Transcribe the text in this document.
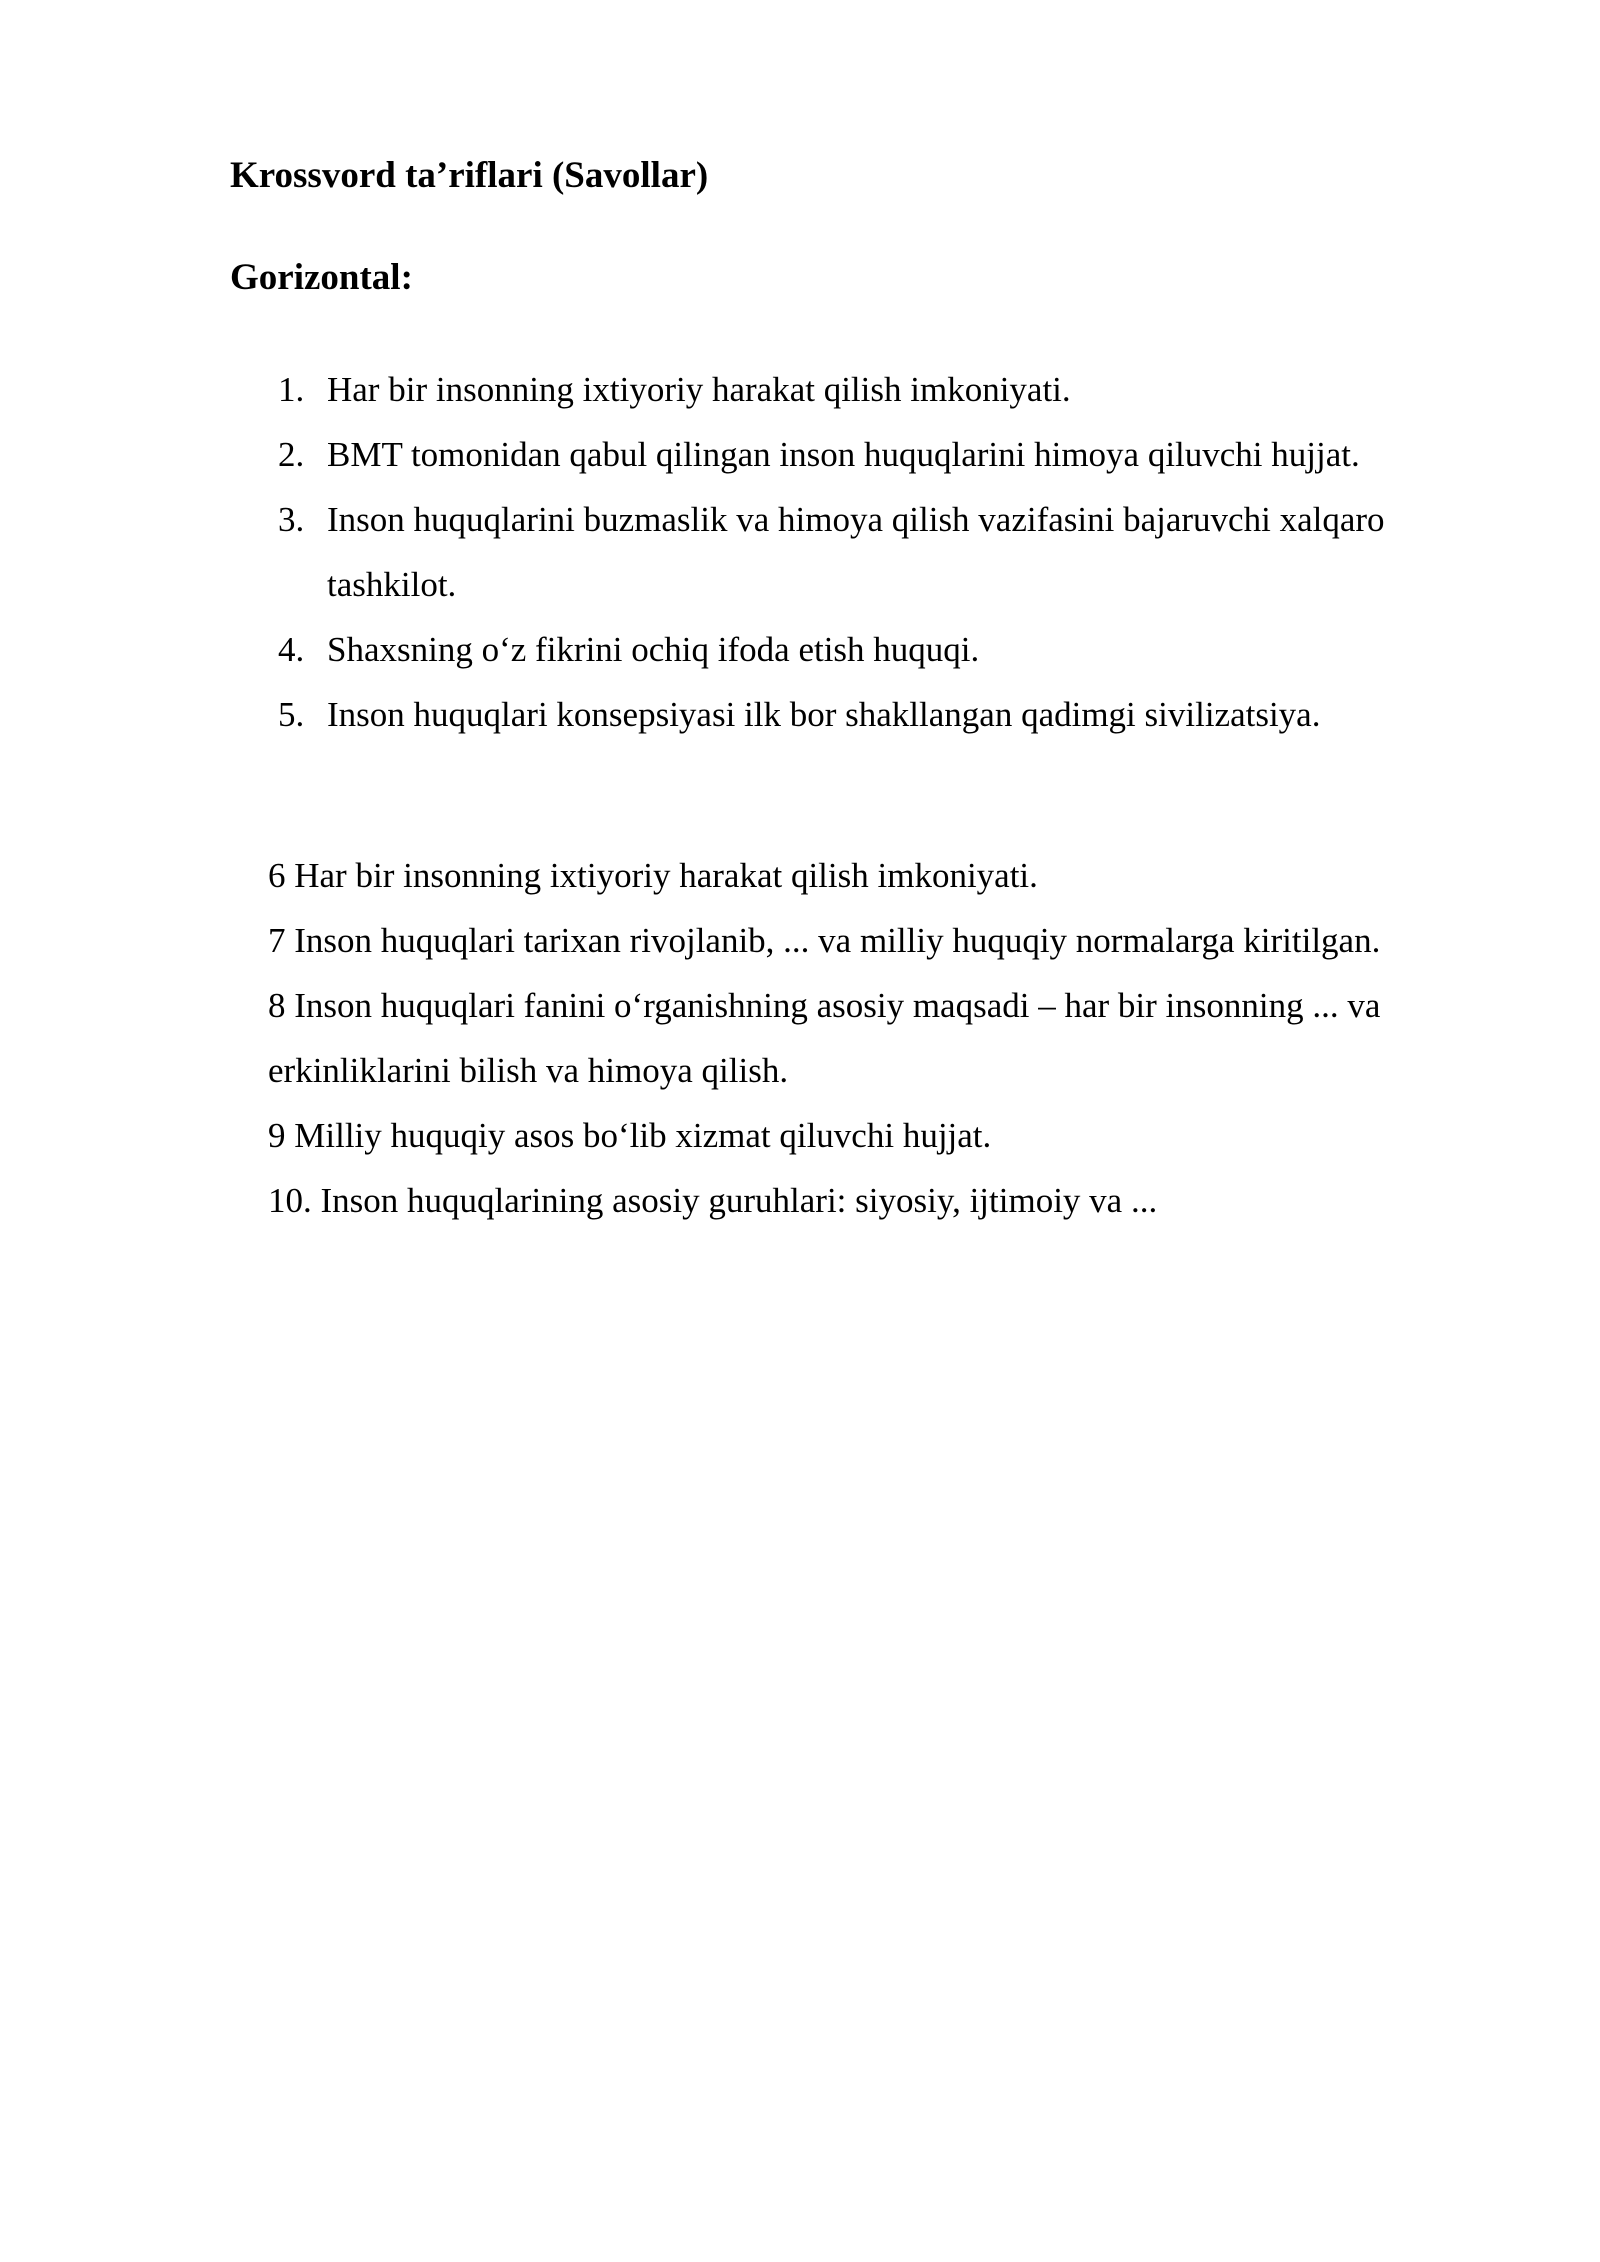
Krossvord ta’riflari (Savollar)
Gorizontal:
1. Har bir insonning ixtiyoriy harakat qilish imkoniyati.
2. BMT tomonidan qabul qilingan inson huquqlarini himoya qiluvchi hujjat.
3. Inson huquqlarini buzmaslik va himoya qilish vazifasini bajaruvchi xalqaro tashkilot.
4. Shaxsning o‘z fikrini ochiq ifoda etish huquqi.
5. Inson huquqlari konsepsiyasi ilk bor shakllangan qadimgi sivilizatsiya.
6 Har bir insonning ixtiyoriy harakat qilish imkoniyati.
7 Inson huquqlari tarixan rivojlanib, ... va milliy huquqiy normalarga kiritilgan.
8 Inson huquqlari fanini o‘rganishning asosiy maqsadi – har bir insonning ... va erkinliklarini bilish va himoya qilish.
9 Milliy huquqiy asos bo‘lib xizmat qiluvchi hujjat.
10. Inson huquqlarining asosiy guruhlari: siyosiy, ijtimoiy va ...
